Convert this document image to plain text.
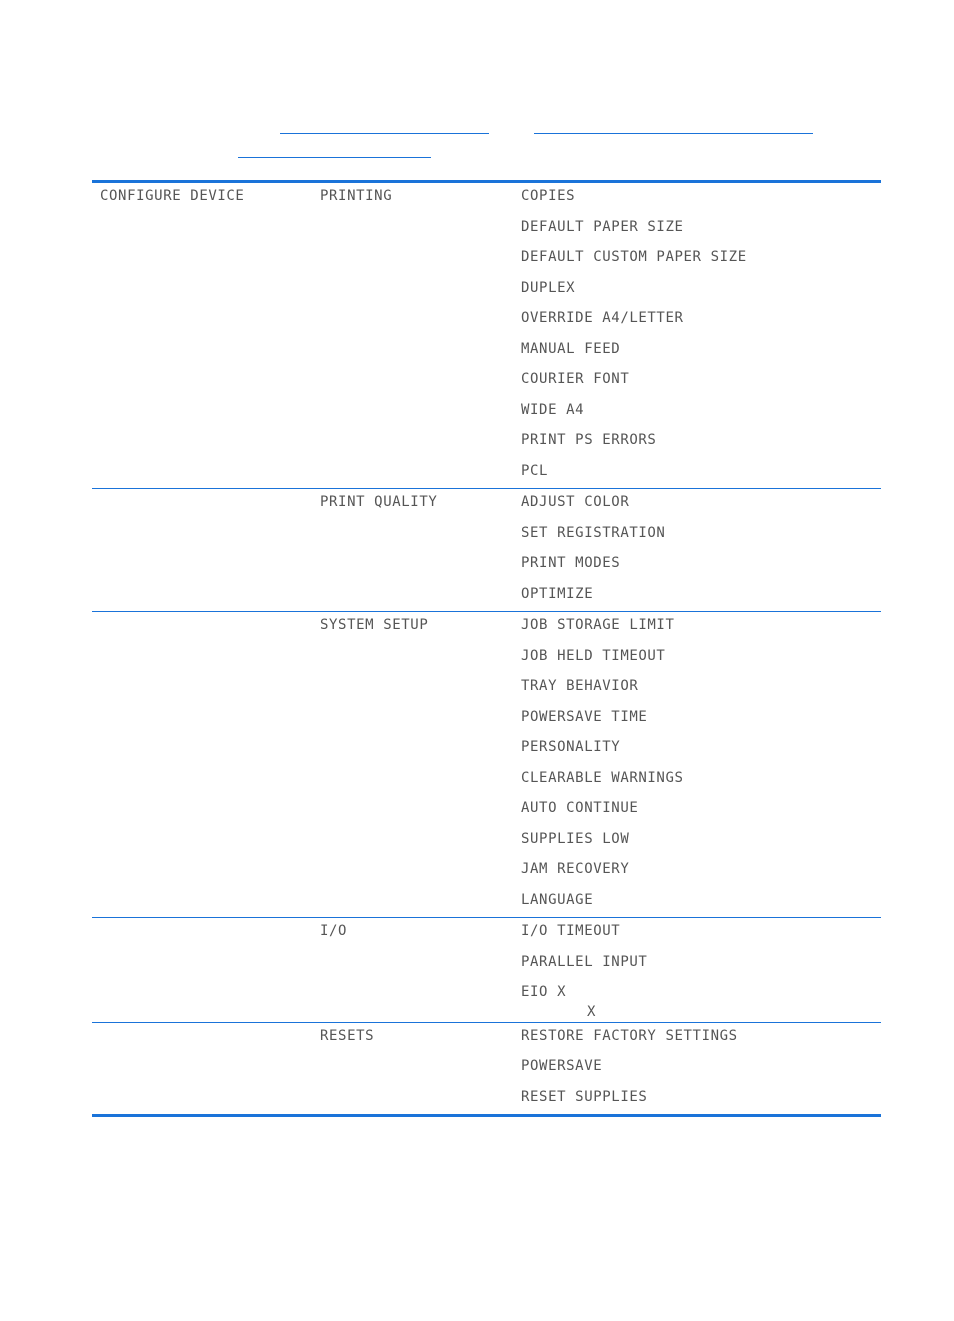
CONFIGURE DEVICE	PRINTING	COPIES
DEFAULT PAPER SIZE
DEFAULT CUSTOM PAPER SIZE
DUPLEX
OVERRIDE A4/LETTER
MANUAL FEED
COURIER FONT
WIDE A4
PRINT PS ERRORS
PCL
PRINT QUALITY	ADJUST COLOR
SET REGISTRATION
PRINT MODES
OPTIMIZE
SYSTEM SETUP	JOB STORAGE LIMIT
JOB HELD TIMEOUT
TRAY BEHAVIOR
POWERSAVE TIME
PERSONALITY
CLEARABLE WARNINGS
AUTO CONTINUE
SUPPLIES LOW
JAM RECOVERY
LANGUAGE
I/O	I/O TIMEOUT
PARALLEL INPUT
EIO X
X
RESETS	RESTORE FACTORY SETTINGS
POWERSAVE
RESET SUPPLIES
